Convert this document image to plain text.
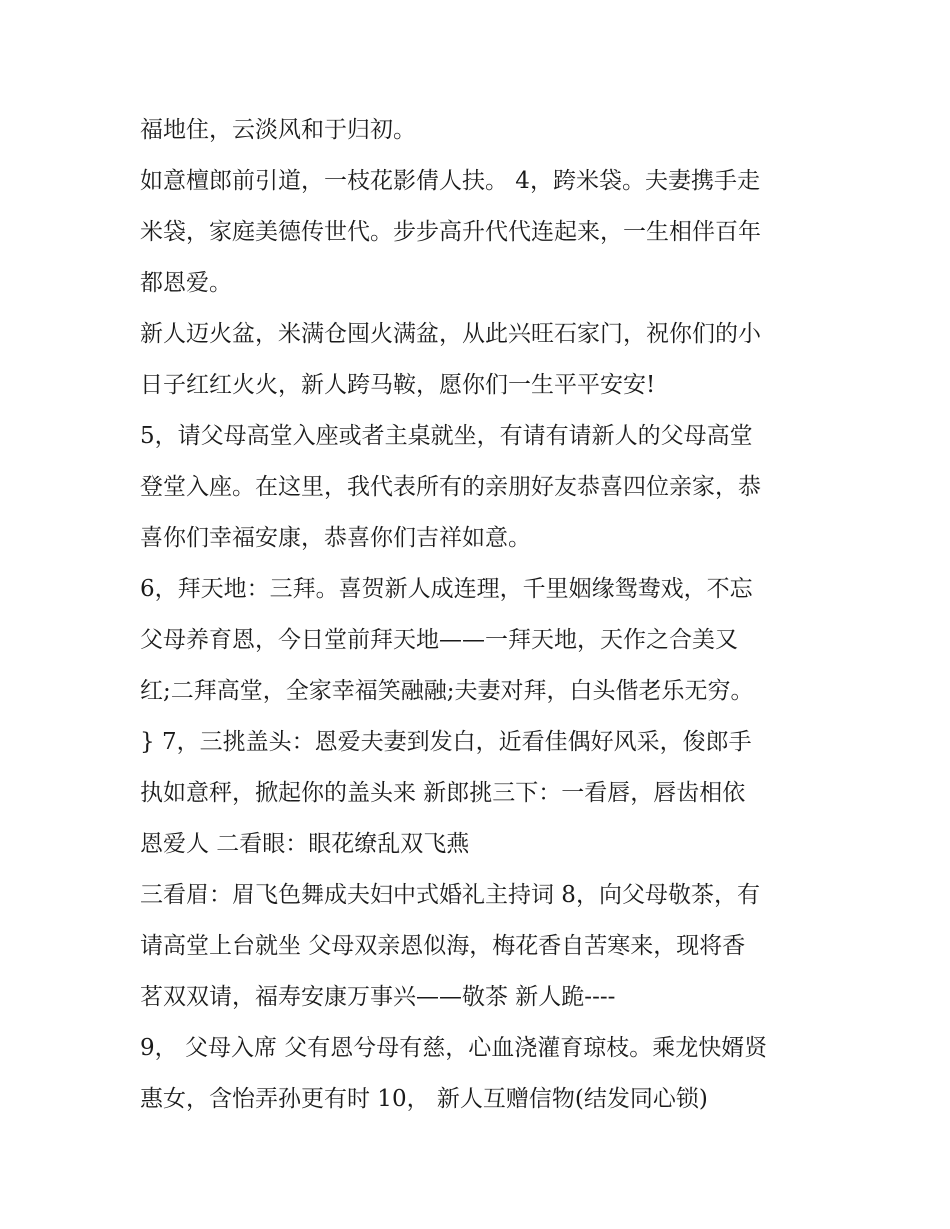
福地住，云淡风和于归初。
如意檀郎前引道，一枝花影倩人扶。 4，跨米袋。夫妻携手走
米袋，家庭美德传世代。步步高升代代连起来，一生相伴百年
都恩爱。
新人迈火盆，米满仓囤火满盆，从此兴旺石家门，祝你们的小
日子红红火火，新人跨马鞍，愿你们一生平平安安!
5，请父母高堂入座或者主桌就坐，有请有请新人的父母高堂
登堂入座。在这里，我代表所有的亲朋好友恭喜四位亲家，恭
喜你们幸福安康，恭喜你们吉祥如意。
6，拜天地：三拜。喜贺新人成连理，千里姻缘鸳鸯戏，不忘
父母养育恩，今日堂前拜天地——一拜天地，天作之合美又
红;二拜高堂，全家幸福笑融融;夫妻对拜，白头偕老乐无穷。
} 7，三挑盖头：恩爱夫妻到发白，近看佳偶好风采，俊郎手
执如意秤，掀起你的盖头来 新郎挑三下：一看唇，唇齿相依
恩爱人 二看眼：眼花缭乱双飞燕
三看眉：眉飞色舞成夫妇中式婚礼主持词 8，向父母敬茶，有
请高堂上台就坐 父母双亲恩似海，梅花香自苦寒来，现将香
茗双双请，福寿安康万事兴——敬茶 新人跪----
9， 父母入席 父有恩兮母有慈，心血浇灌育琼枝。乘龙快婿贤
惠女，含怡弄孙更有时 10， 新人互赠信物(结发同心锁)
